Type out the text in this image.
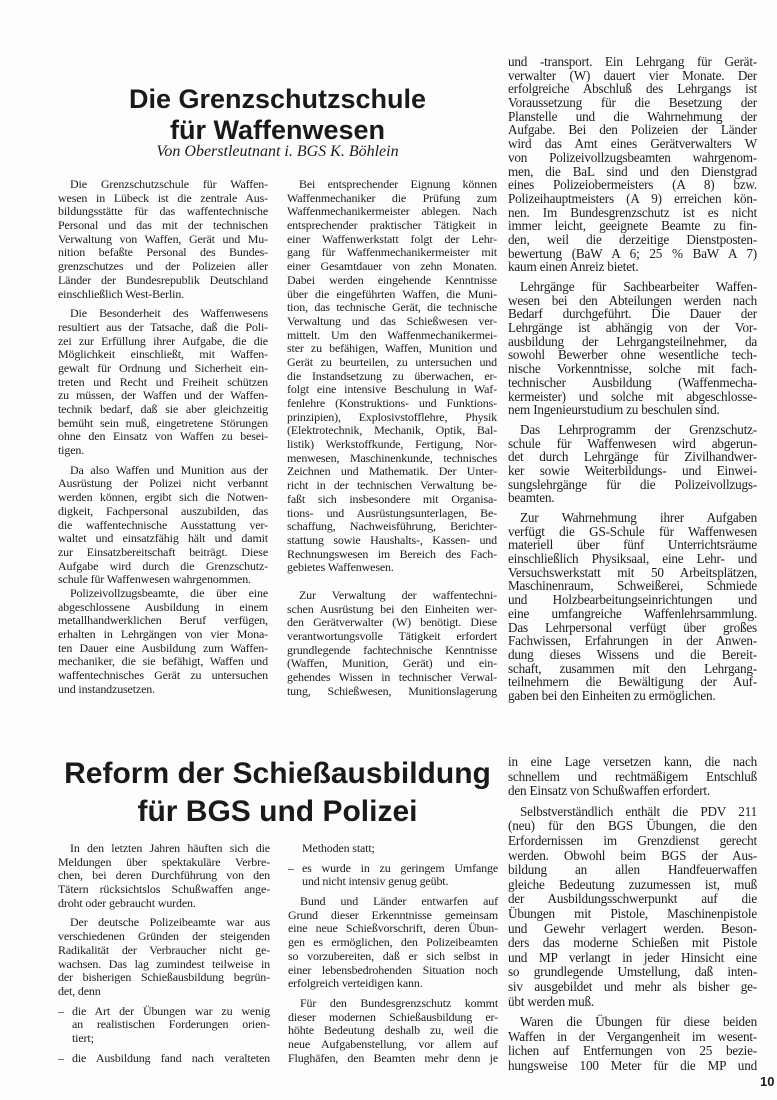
Die Grenzschutzschule
für Waffenwesen
Von Oberstleutnant i. BGS K. Böhlein
Die Grenzschutzschule für Waffen-
wesen in Lübeck ist die zentrale Aus-
bildungsstätte für das waffentechnische
Personal und das mit der technischen
Verwaltung von Waffen, Gerät und Mu-
nition befaßte Personal des Bundes-
grenzschutzes und der Polizeien aller
Länder der Bundesrepublik Deutschland
einschließlich West-Berlin.
Die Besonderheit des Waffenwesens
resultiert aus der Tatsache, daß die Poli-
zei zur Erfüllung ihrer Aufgabe, die die
Möglichkeit einschließt, mit Waffen-
gewalt für Ordnung und Sicherheit ein-
treten und Recht und Freiheit schützen
zu müssen, der Waffen und der Waffen-
technik bedarf, daß sie aber gleichzeitig
bemüht sein muß, eingetretene Störungen
ohne den Einsatz von Waffen zu besei-
tigen.
Da also Waffen und Munition aus der
Ausrüstung der Polizei nicht verbannt
werden können, ergibt sich die Notwen-
digkeit, Fachpersonal auszubilden, das
die waffentechnische Ausstattung ver-
waltet und einsatzfähig hält und damit
zur Einsatzbereitschaft beiträgt. Diese
Aufgabe wird durch die Grenzschutz-
schule für Waffenwesen wahrgenommen.
Polizeivollzugsbeamte, die über eine
abgeschlossene Ausbildung in einem
metallhandwerklichen Beruf verfügen,
erhalten in Lehrgängen von vier Mona-
ten Dauer eine Ausbildung zum Waffen-
mechaniker, die sie befähigt, Waffen und
waffentechnisches Gerät zu untersuchen
und instandzusetzen.
Bei entsprechender Eignung können
Waffenmechaniker die Prüfung zum
Waffenmechanikermeister ablegen. Nach
entsprechender praktischer Tätigkeit in
einer Waffenwerkstatt folgt der Lehr-
gang für Waffenmechanikermeister mit
einer Gesamtdauer von zehn Monaten.
Dabei werden eingehende Kenntnisse
über die eingeführten Waffen, die Muni-
tion, das technische Gerät, die technische
Verwaltung und das Schießwesen ver-
mittelt. Um den Waffenmechanikermei-
ster zu befähigen, Waffen, Munition und
Gerät zu beurteilen, zu untersuchen und
die Instandsetzung zu überwachen, er-
folgt eine intensive Beschulung in Waf-
fenlehre (Konstruktions- und Funktions-
prinzipien), Explosivstofflehre, Physik
(Elektrotechnik, Mechanik, Optik, Bal-
listik) Werkstoffkunde, Fertigung, Nor-
menwesen, Maschinenkunde, technisches
Zeichnen und Mathematik. Der Unter-
richt in der technischen Verwaltung be-
faßt sich insbesondere mit Organisa-
tions- und Ausrüstungsunterlagen, Be-
schaffung, Nachweisführung, Berichter-
stattung sowie Haushalts-, Kassen- und
Rechnungswesen im Bereich des Fach-
gebietes Waffenwesen.
Zur Verwaltung der waffentechni-
schen Ausrüstung bei den Einheiten wer-
den Gerätverwalter (W) benötigt. Diese
verantwortungsvolle Tätigkeit erfordert
grundlegende fachtechnische Kenntnisse
(Waffen, Munition, Gerät) und ein-
gehendes Wissen in technischer Verwal-
tung, Schießwesen, Munitionslagerung
und -transport. Ein Lehrgang für Gerät-
verwalter (W) dauert vier Monate. Der
erfolgreiche Abschluß des Lehrgangs ist
Voraussetzung für die Besetzung der
Planstelle und die Wahrnehmung der
Aufgabe. Bei den Polizeien der Länder
wird das Amt eines Gerätverwalters W
von Polizeivollzugsbeamten wahrgenom-
men, die BaL sind und den Dienstgrad
eines Polizeiobermeisters (A 8) bzw.
Polizeihauptmeisters (A 9) erreichen kön-
nen. Im Bundesgrenzschutz ist es nicht
immer leicht, geeignete Beamte zu fin-
den, weil die derzeitige Dienstposten-
bewertung (BaW A 6; 25 % BaW A 7)
kaum einen Anreiz bietet.
Lehrgänge für Sachbearbeiter Waffen-
wesen bei den Abteilungen werden nach
Bedarf durchgeführt. Die Dauer der
Lehrgänge ist abhängig von der Vor-
ausbildung der Lehrgangsteilnehmer, da
sowohl Bewerber ohne wesentliche tech-
nische Vorkenntnisse, solche mit fach-
technischer Ausbildung (Waffenmecha-
kermeister) und solche mit abgeschlosse-
nem Ingenieurstudium zu beschulen sind.
Das Lehrprogramm der Grenzschutz-
schule für Waffenwesen wird abgerun-
det durch Lehrgänge für Zivilhandwer-
ker sowie Weiterbildungs- und Einwei-
sungslehrgänge für die Polizeivollzugs-
beamten.
Zur Wahrnehmung ihrer Aufgaben
verfügt die GS-Schule für Waffenwesen
materiell über fünf Unterrichtsräume
einschließlich Physiksaal, eine Lehr- und
Versuchswerkstatt mit 50 Arbeitsplätzen,
Maschinenraum, Schweißerei, Schmiede
und Holzbearbeitungseinrichtungen und
eine umfangreiche Waffenlehrsammlung.
Das Lehrpersonal verfügt über großes
Fachwissen, Erfahrungen in der Anwen-
dung dieses Wissens und die Bereit-
schaft, zusammen mit den Lehrgang-
teilnehmern die Bewältigung der Auf-
gaben bei den Einheiten zu ermöglichen.
Reform der Schießausbildung
für BGS und Polizei
In den letzten Jahren häuften sich die
Meldungen über spektakuläre Verbre-
chen, bei deren Durchführung von den
Tätern rücksichtslos Schußwaffen ange-
droht oder gebraucht wurden.
Der deutsche Polizeibeamte war aus
verschiedenen Gründen der steigenden
Radikalität der Verbraucher nicht ge-
wachsen. Das lag zumindest teilweise in
der bisherigen Schießausbildung begrün-
det, denn
– die Art der Übungen war zu wenig
an realistischen Forderungen orien-
tiert;
– die Ausbildung fand nach veralteten
Methoden statt;
– es wurde in zu geringem Umfange
und nicht intensiv genug geübt.
Bund und Länder entwarfen auf
Grund dieser Erkenntnisse gemeinsam
eine neue Schießvorschrift, deren Übun-
gen es ermöglichen, den Polizeibeamten
so vorzubereiten, daß er sich selbst in
einer lebensbedrohenden Situation noch
erfolgreich verteidigen kann.
Für den Bundesgrenzschutz kommt
dieser modernen Schießausbildung er-
höhte Bedeutung deshalb zu, weil die
neue Aufgabenstellung, vor allem auf
Flughäfen, den Beamten mehr denn je
in eine Lage versetzen kann, die nach
schnellem und rechtmäßigem Entschluß
den Einsatz von Schußwaffen erfordert.
Selbstverständlich enthält die PDV 211
(neu) für den BGS Übungen, die den
Erfordernissen im Grenzdienst gerecht
werden. Obwohl beim BGS der Aus-
bildung an allen Handfeuerwaffen
gleiche Bedeutung zuzumessen ist, muß
der Ausbildungsschwerpunkt auf die
Übungen mit Pistole, Maschinenpistole
und Gewehr verlagert werden. Beson-
ders das moderne Schießen mit Pistole
und MP verlangt in jeder Hinsicht eine
so grundlegende Umstellung, daß inten-
siv ausgebildet und mehr als bisher ge-
übt werden muß.
Waren die Übungen für diese beiden
Waffen in der Vergangenheit im wesent-
lichen auf Entfernungen von 25 bezie-
hungsweise 100 Meter für die MP und
10
